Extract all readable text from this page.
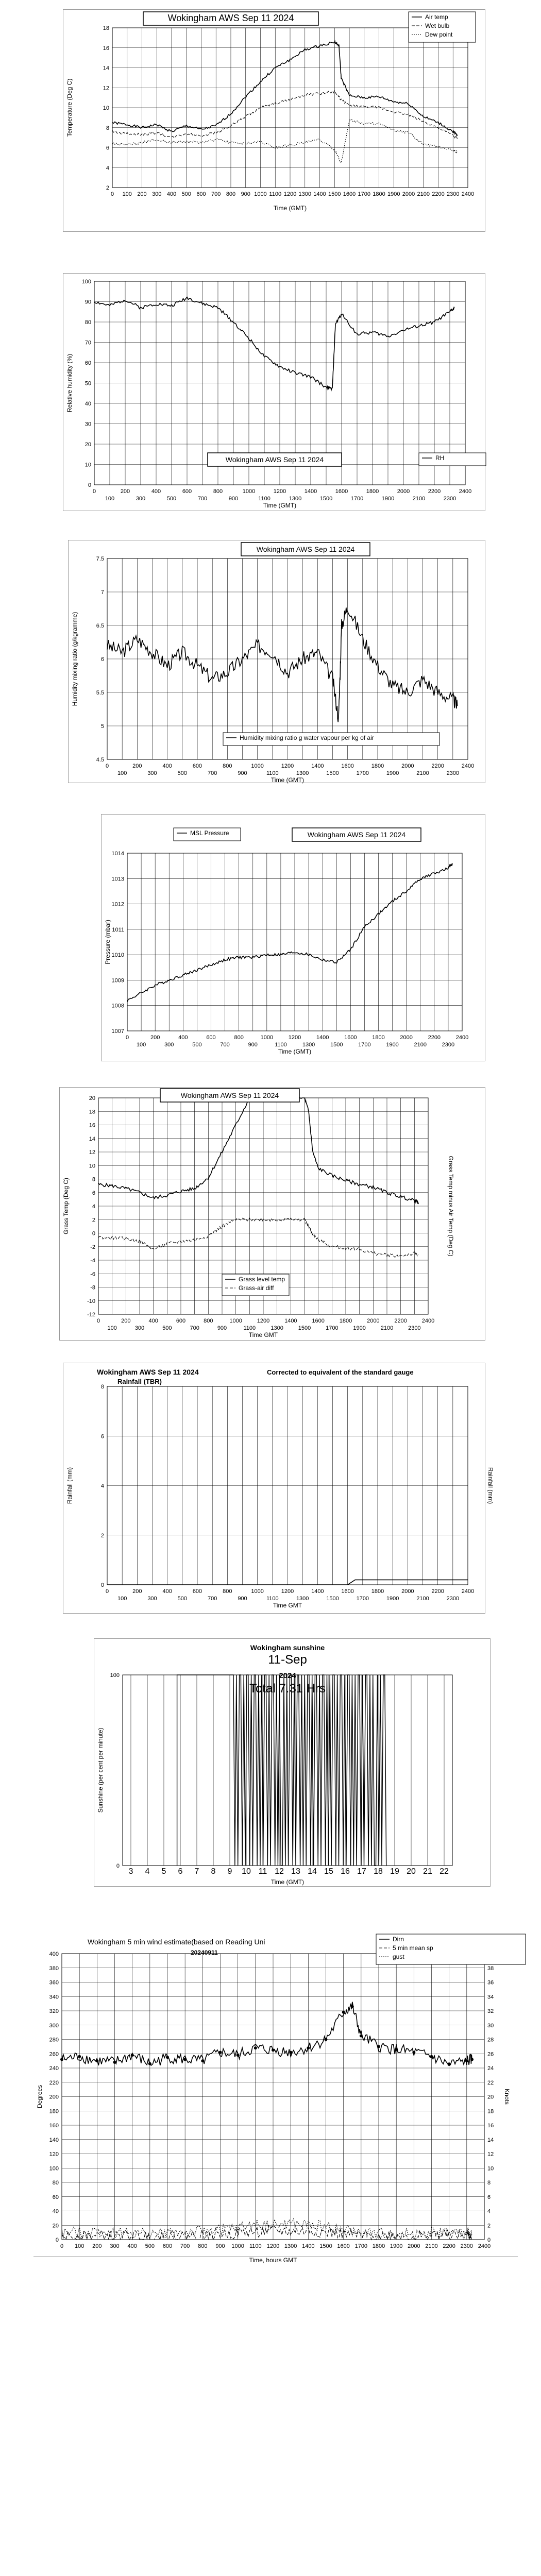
2
4
6
8
10
12
14
16
18
0 100 200 300 400 500 600 700 800 900 1000 1100 1200 1300 1400 1500 1600 1700 1800 1900 2000 2100 2200 2300 2400
Time (GMT)
Temperature (Deg C)
Wokingham AWS Sep 11 2024	Air temp
Wet bulb
Dew point
0
10
20
30
40
50
60
70
80
90
100
0
100
200
300
400
500
600
700
800
900
1000
1100
1200
1300
1400
1500
1600
1700
1800
1900
2000
2100
2200
2300
2400
Time (GMT)
Relative humidity (%)
Wokingham AWS Sep 11 2024	RH
4.5
5
5.5
6
6.5
7
7.5
0
100
200
300
400
500
600
700
800
900
1000
1100
1200
1300
1400
1500
1600
1700
1800
1900
2000
2100
2200
2300
2400
Time (GMT)
Humidity mixing ratio (g/kgramme)
Wokingham AWS Sep 11 2024
Humidity mixing ratio g water vapour per kg of air
1007
1008
1009
1010
1011
1012
1013
1014
0
100
200
300
400
500
600
700
800
900
1000
1100
1200
1300
1400
1500
1600
1700
1800
1900
2000
2100
2200
2300
2400
Time (GMT)
Pressure (mbar)
Wokingham AWS Sep 11 2024
MSL Pressure
-12
-10
-8
-6
-4
-2
0
2
4
6
8
10
12
14
16
18
20
0
100
200
300
400
500
600
700
800
900
1000
1100
1200
1300
1400
1500
1600
1700
1800
1900
2000
2100
2200
2300
2400
Time GMT
Grass Temp (Deg C)	Grass Temp minus Air Temp (Deg C)
Wokingham AWS Sep 11 2024
Grass level temp
Grass-air diff
0
2
4
6
8
0
100
200
300
400
500
600
700
800
900
1000
1100
1200
1300
1400
1500
1600
1700
1800
1900
2000
2100
2200
2300
2400
Time GMT
Rainfall (mm)	Rainfall (mm)
Wokingham AWS Sep 11 2024
Rainfall (TBR)
Corrected to equivalent of the standard gauge
0
100
3 4 5 6 7 8 9 10 11 12 13 14 15 16 17 18 19 20 21 22
Time (GMT)
Sunshine (per cent per minute)
Wokingham sunshine
11-Sep
2024
Total 7.31 Hrs
0
20
40
60
80
100
120
140
160
180
200
220
240
260
280
300
320
340
360
380
400
0
2
4
6
8
10
12
14
16
18
20
22
24
26
28
30
32
34
36
38
0 100 200 300 400 500 600 700 800 900 1000 1100 1200 1300 1400 1500 1600 1700 1800 1900 2000 2100 2200 2300 2400
Time, hours GMT
Degrees	Knots
Wokingham 5 min wind estimate(based on Reading Uni
20240911
Dirn
5 min mean sp
gust
